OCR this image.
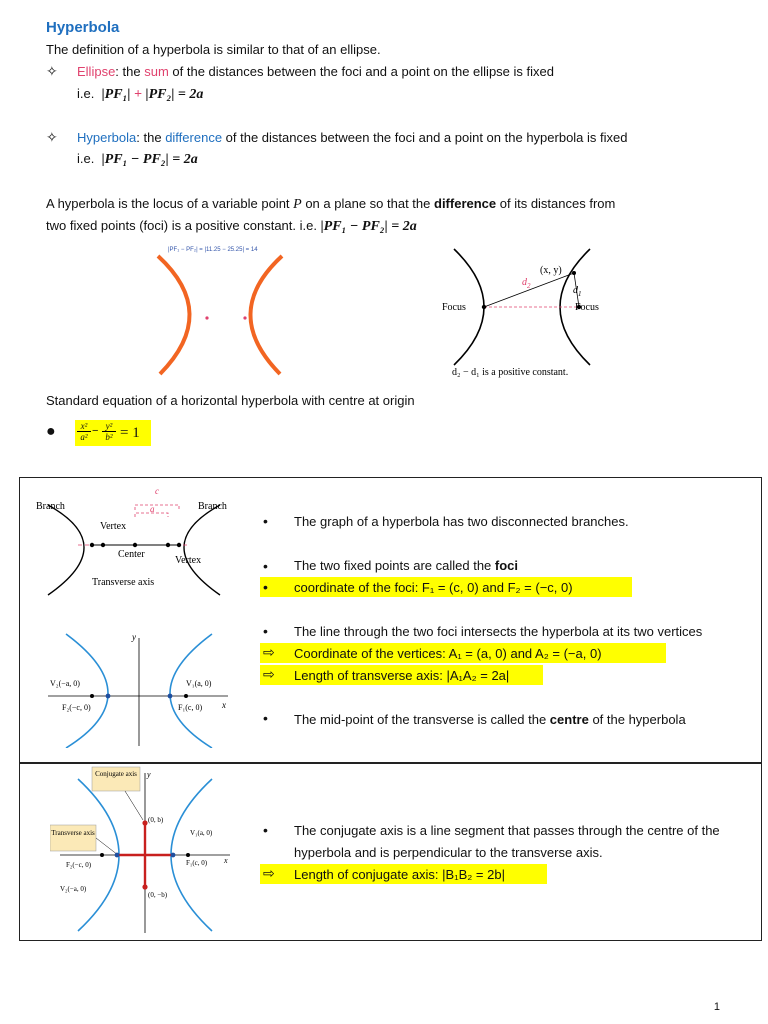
Hyperbola
The definition of a hyperbola is similar to that of an ellipse.
✧ Ellipse: the sum of the distances between the foci and a point on the ellipse is fixed
i.e. |PF₁| + |PF₂| = 2a
✧ Hyperbola: the difference of the distances between the foci and a point on the hyperbola is fixed
i.e. |PF₁ − PF₂| = 2a
A hyperbola is the locus of a variable point P on a plane so that the difference of its distances from
two fixed points (foci) is a positive constant. i.e. |PF₁ − PF₂| = 2a
|PF₁ − PF₂| = |11.25 − 25.25| = 14
(x, y)
$d_2$	$d_1$
Focus	Focus
d₂ − d₁ is a positive constant.
Standard equation of a horizontal hyperbola with centre at origin
●	x²
a² − y²
b² = 1
c
a
Branch	Branch
Vertex
Center
Vertex
Transverse axis
y
x
V₂(−a, 0)	V₁(a, 0)
F₂(−c, 0)	F₁(c, 0)
• The graph of a hyperbola has two disconnected branches.
• The two fixed points are called the foci
• coordinate of the foci: F₁ = (c, 0) and F₂ = (−c, 0)
• The line through the two foci intersects the hyperbola at its two vertices
⇨ Coordinate of the vertices: A₁ = (a, 0) and A₂ = (−a, 0)
⇨ Length of transverse axis: |A₁A₂ = 2a|
• The mid-point of the transverse is called the centre of the hyperbola
Conjugate axis
Transverse axis
y
x
(0, b)
(0, −b)
V₁(a, 0)
F₁(c, 0)
F₂(−c, 0)
V₂(−a, 0)
• The conjugate axis is a line segment that passes through the centre of the
hyperbola and is perpendicular to the transverse axis.
⇨ Length of conjugate axis: |B₁B₂ = 2b|
1
